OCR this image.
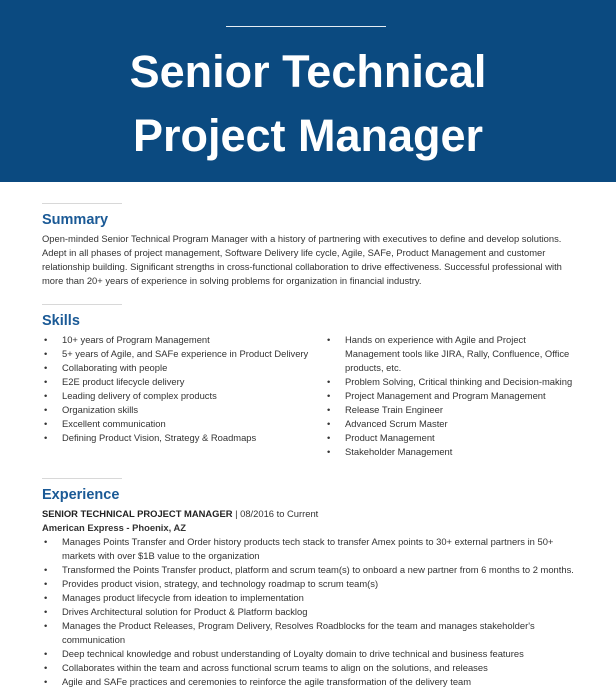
Senior Technical
Project Manager
Summary

Open-minded Senior Technical Program Manager with a history of partnering with executives to define and develop solutions. Adept in all phases of project management, Software Delivery life cycle, Agile, SAFe, Product Management and customer relationship building. Significant strengths in cross-functional collaboration to drive effectiveness. Successful professional with more than 20+ years of experience in solving problems for organization in financial industry.

Skills
• 10+ years of Program Management
• 5+ years of Agile, and SAFe experience in Product Delivery
• Collaborating with people
• E2E product lifecycle delivery
• Leading delivery of complex products
• Organization skills
• Excellent communication
• Defining Product Vision, Strategy & Roadmaps
• Hands on experience with Agile and Project Management tools like JIRA, Rally, Confluence, Office products, etc.
• Problem Solving, Critical thinking and Decision-making
• Project Management and Program Management
• Release Train Engineer
• Advanced Scrum Master
• Product Management
• Stakeholder Management
Experience
SENIOR TECHNICAL PROJECT MANAGER | 08/2016 to Current
American Express - Phoenix, AZ
• Manages Points Transfer and Order history products tech stack to transfer Amex points to 30+ external partners in 50+ markets with over $1B value to the organization
• Transformed the Points Transfer product, platform and scrum team(s) to onboard a new partner from 6 months to 2 months.
• Provides product vision, strategy, and technology roadmap to scrum team(s)
• Manages product lifecycle from ideation to implementation
• Drives Architectural solution for Product & Platform backlog
• Manages the Product Releases, Program Delivery, Resolves Roadblocks for the team and manages stakeholder's communication
• Deep technical knowledge and robust understanding of Loyalty domain to drive technical and business features
• Collaborates within the team and across functional scrum teams to align on the solutions, and releases
• Agile and SAFe practices and ceremonies to reinforce the agile transformation of the delivery team
